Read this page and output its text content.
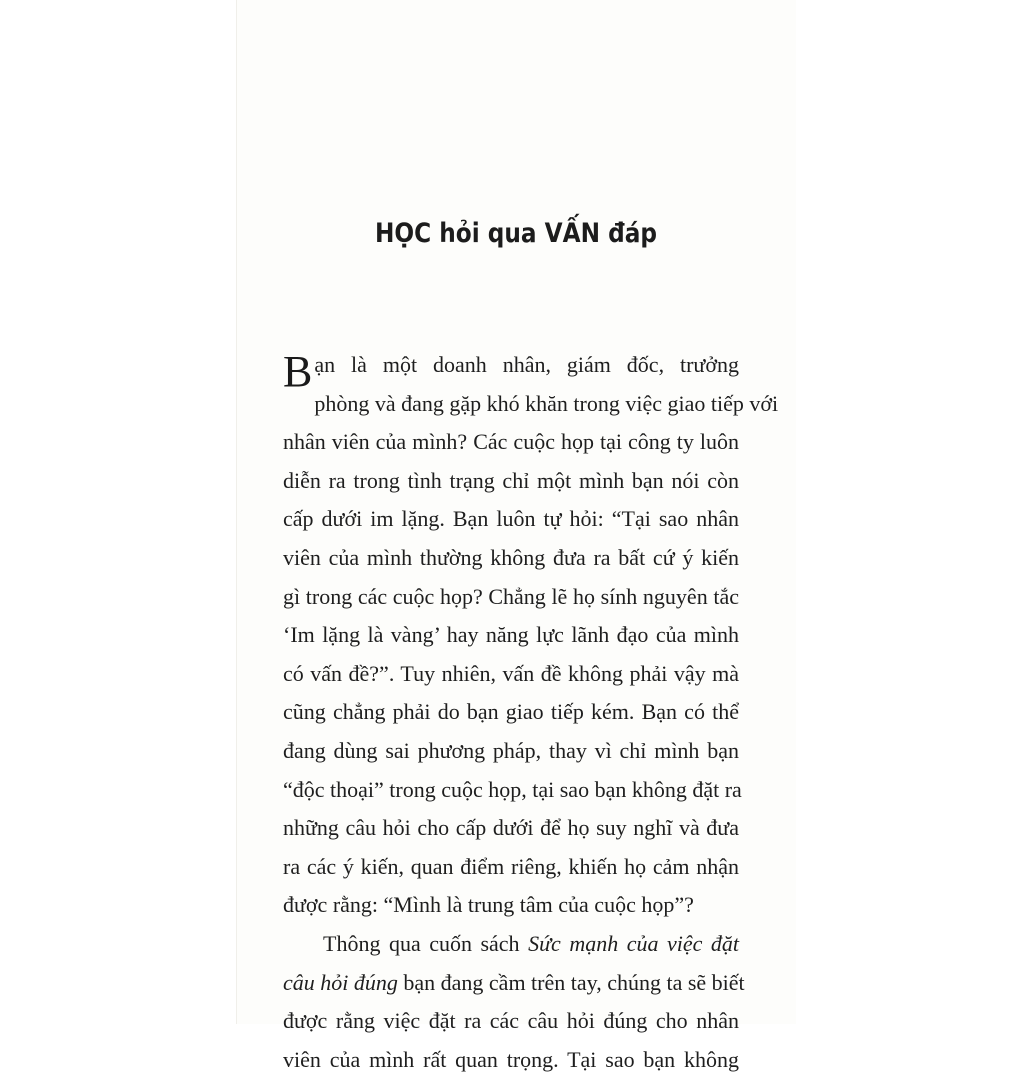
HỌC hỏi qua VẤN đáp

B ạn là một doanh nhân, giám đốc, trưởng
phòng và đang gặp khó khăn trong việc giao tiếp với
nhân viên của mình? Các cuộc họp tại công ty luôn
diễn ra trong tình trạng chỉ một mình bạn nói còn
cấp dưới im lặng. Bạn luôn tự hỏi: “Tại sao nhân
viên của mình thường không đưa ra bất cứ ý kiến
gì trong các cuộc họp? Chẳng lẽ họ sính nguyên tắc
‘Im lặng là vàng’ hay năng lực lãnh đạo của mình
có vấn đề?”. Tuy nhiên, vấn đề không phải vậy mà
cũng chẳng phải do bạn giao tiếp kém. Bạn có thể
đang dùng sai phương pháp, thay vì chỉ mình bạn
“độc thoại” trong cuộc họp, tại sao bạn không đặt ra
những câu hỏi cho cấp dưới để họ suy nghĩ và đưa
ra các ý kiến, quan điểm riêng, khiến họ cảm nhận
được rằng: “Mình là trung tâm của cuộc họp”?

Thông qua cuốn sách Sức mạnh của việc đặt
câu hỏi đúng bạn đang cầm trên tay, chúng ta sẽ biết
được rằng việc đặt ra các câu hỏi đúng cho nhân
viên của mình rất quan trọng. Tại sao bạn không
